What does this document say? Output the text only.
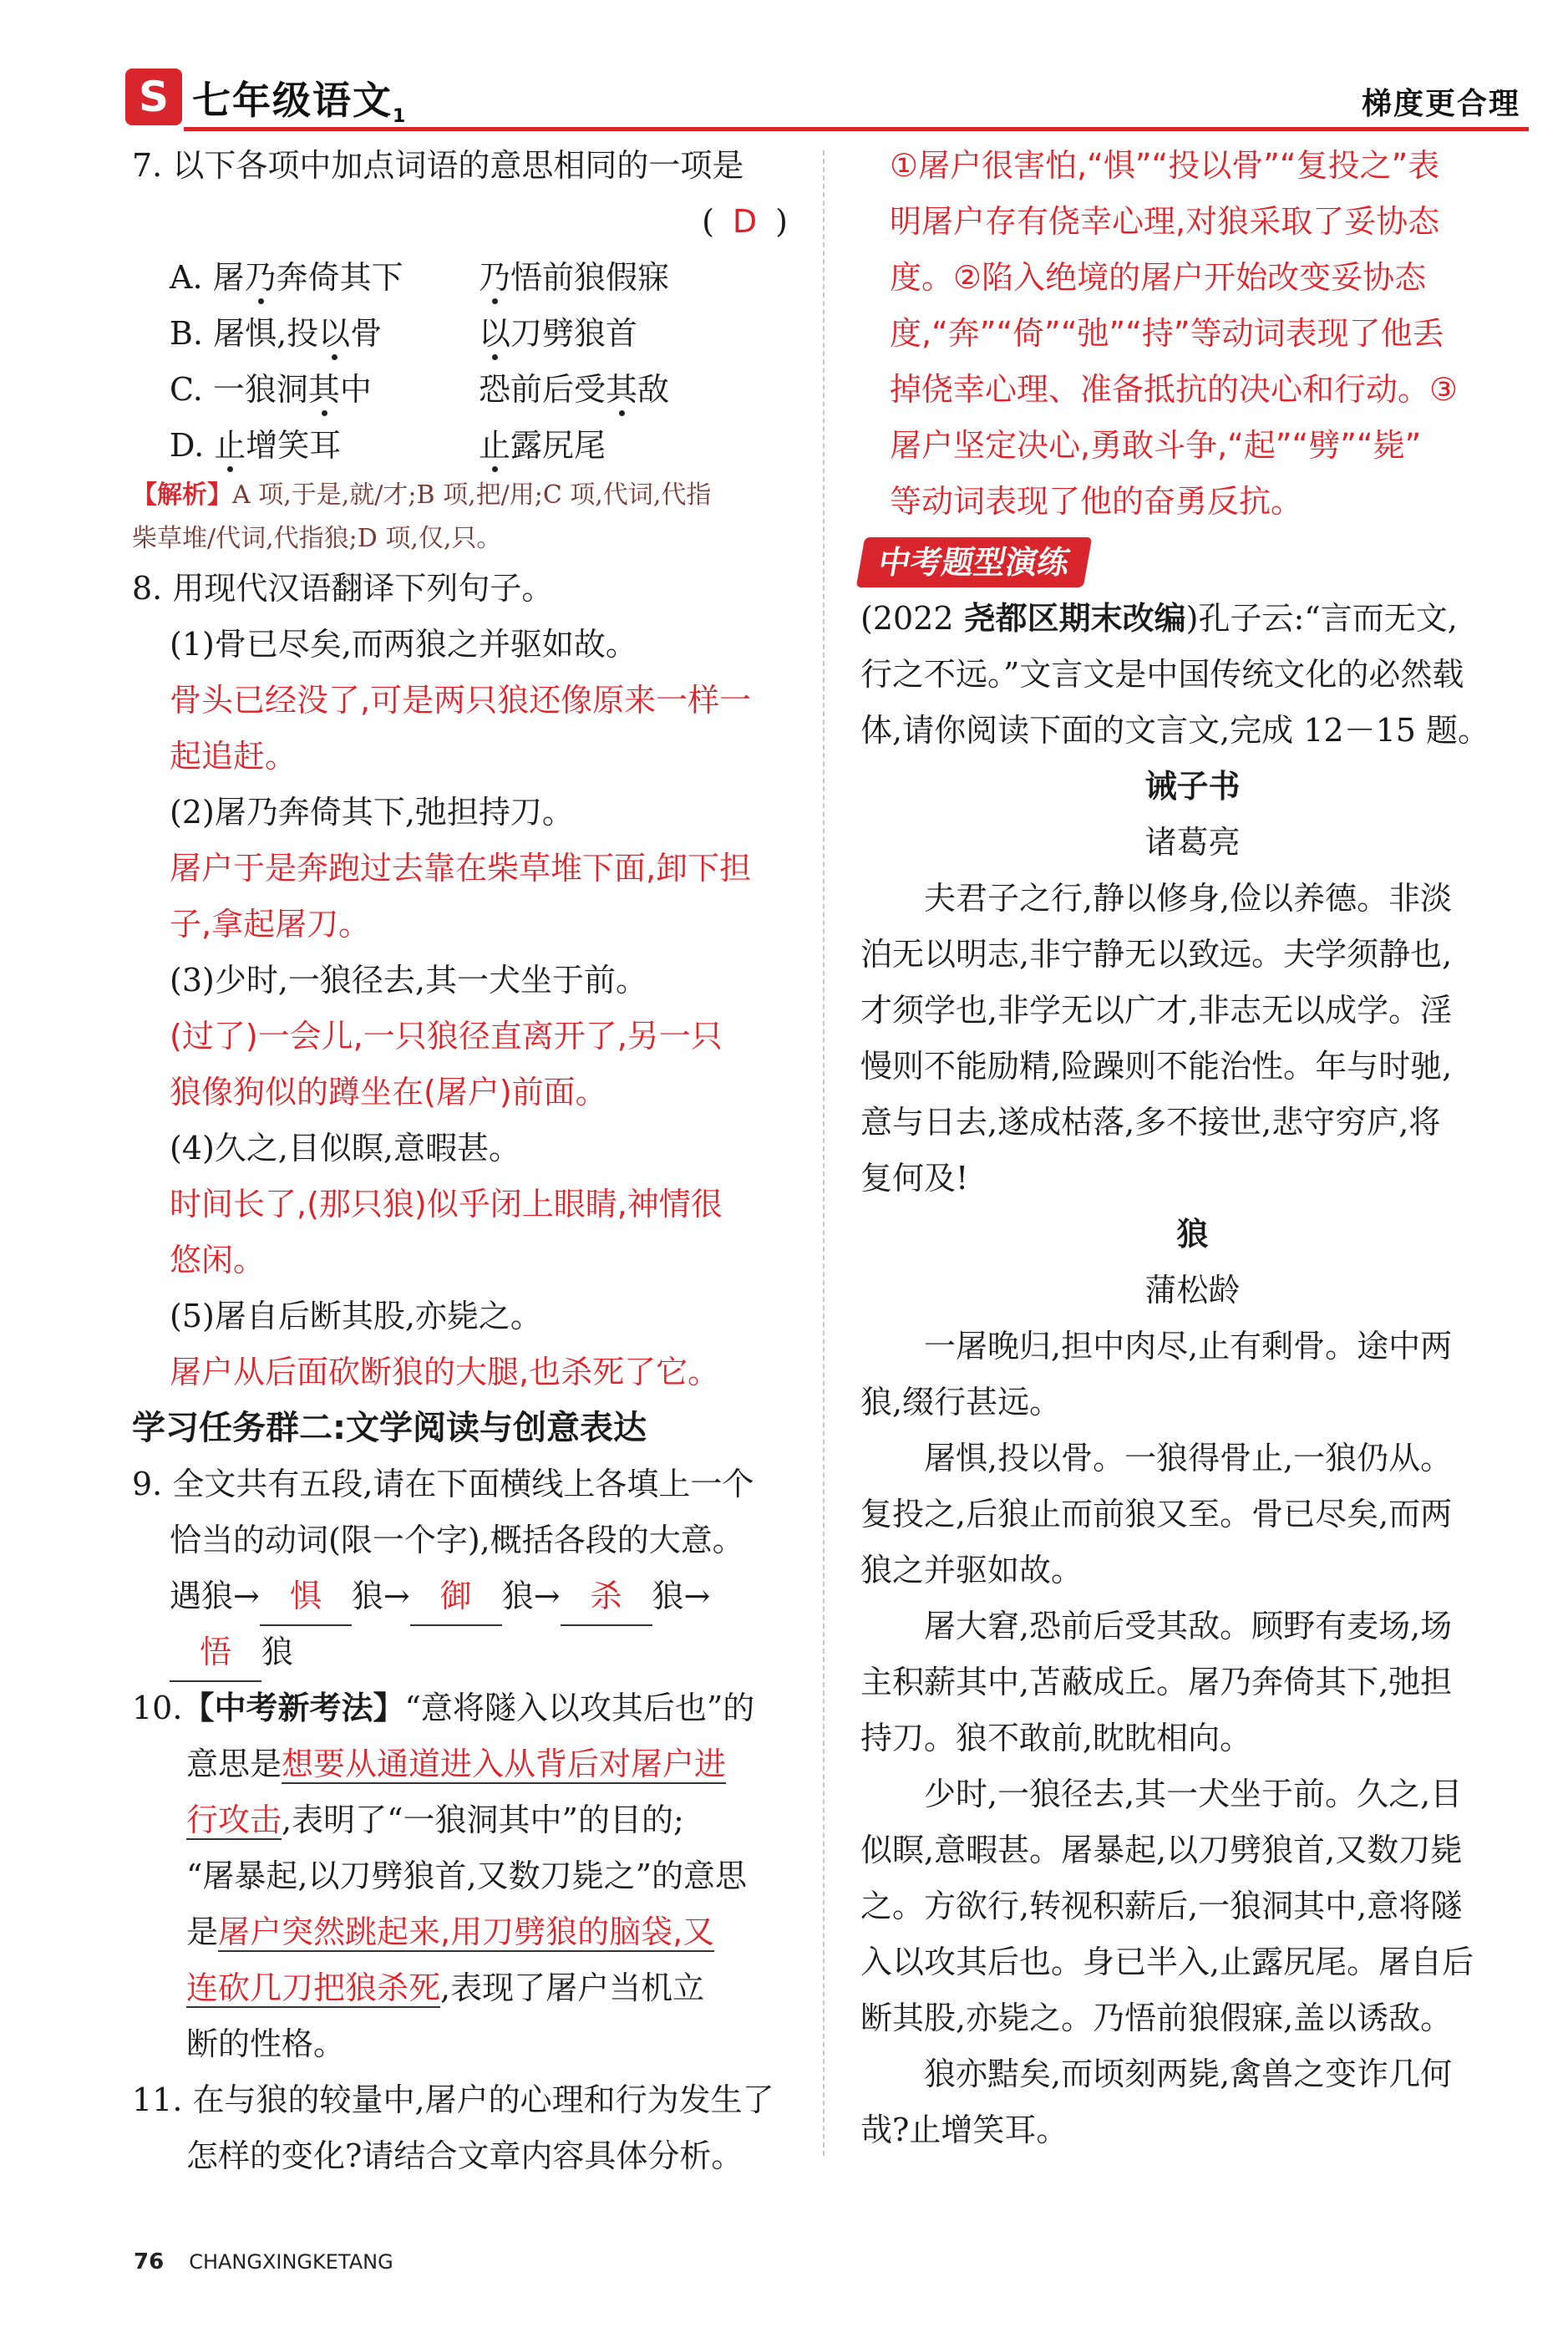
S 七年级语文$_1$	梯度更合理
7. 以下各项中加点词语的意思相同的一项是
( D )
A. 屠乃奔倚其下 乃悟前狼假寐
B. 屠惧,投以骨	以刀劈狼首
C. 一狼洞其中	恐前后受其敌
D. 止增笑耳	止露尻尾
【解析】A 项,于是,就/才;B 项,把/用;C 项,代词,代指
柴草堆/代词,代指狼;D 项,仅,只。
8. 用现代汉语翻译下列句子。
(1)骨已尽矣,而两狼之并驱如故。
骨头已经没了,可是两只狼还像原来一样一
起追赶。
(2)屠乃奔倚其下,弛担持刀。
屠户于是奔跑过去靠在柴草堆下面,卸下担
子,拿起屠刀。
(3)少时,一狼径去,其一犬坐于前。
(过了)一会儿,一只狼径直离开了,另一只
狼像狗似的蹲坐在(屠户)前面。
(4)久之,目似瞑,意暇甚。
时间长了,(那只狼)似乎闭上眼睛,神情很
悠闲。
(5)屠自后断其股,亦毙之。
屠户从后面砍断狼的大腿,也杀死了它。
学习任务群二:文学阅读与创意表达
9. 全文共有五段,请在下面横线上各填上一个
恰当的动词(限一个字),概括各段的大意。
遇狼→ 惧 狼→ 御 狼→ 杀 狼→
悟 狼
10.【中考新考法】“意将隧入以攻其后也”的
意思是想要从通道进入从背后对屠户进
行攻击,表明了“一狼洞其中”的目的;
“屠暴起,以刀劈狼首,又数刀毙之”的意思
是屠户突然跳起来,用刀劈狼的脑袋,又
连砍几刀把狼杀死,表现了屠户当机立
断的性格。
11. 在与狼的较量中,屠户的心理和行为发生了
怎样的变化?请结合文章内容具体分析。
①屠户很害怕,“惧”“投以骨”“复投之”表
明屠户存有侥幸心理,对狼采取了妥协态
度。②陷入绝境的屠户开始改变妥协态
度,“奔”“倚”“弛”“持”等动词表现了他丢
掉侥幸心理、准备抵抗的决心和行动。③
屠户坚定决心,勇敢斗争,“起”“劈”“毙”
等动词表现了他的奋勇反抗。
中考题型演练
(2022 尧都区期末改编)孔子云:“言而无文,
行之不远。”文言文是中国传统文化的必然载
体,请你阅读下面的文言文,完成 12－15 题。
诫子书
诸葛亮
夫君子之行,静以修身,俭以养德。非淡
泊无以明志,非宁静无以致远。夫学须静也,
才须学也,非学无以广才,非志无以成学。淫
慢则不能励精,险躁则不能治性。年与时驰,
意与日去,遂成枯落,多不接世,悲守穷庐,将
复何及!
狼
蒲松龄
一屠晚归,担中肉尽,止有剩骨。途中两
狼,缀行甚远。
屠惧,投以骨。一狼得骨止,一狼仍从。
复投之,后狼止而前狼又至。骨已尽矣,而两
狼之并驱如故。
屠大窘,恐前后受其敌。顾野有麦场,场
主积薪其中,苫蔽成丘。屠乃奔倚其下,弛担
持刀。狼不敢前,眈眈相向。
少时,一狼径去,其一犬坐于前。久之,目
似瞑,意暇甚。屠暴起,以刀劈狼首,又数刀毙
之。方欲行,转视积薪后,一狼洞其中,意将隧
入以攻其后也。身已半入,止露尻尾。屠自后
断其股,亦毙之。乃悟前狼假寐,盖以诱敌。
狼亦黠矣,而顷刻两毙,禽兽之变诈几何
哉?止增笑耳。
76 CHANGXINGKETANG
